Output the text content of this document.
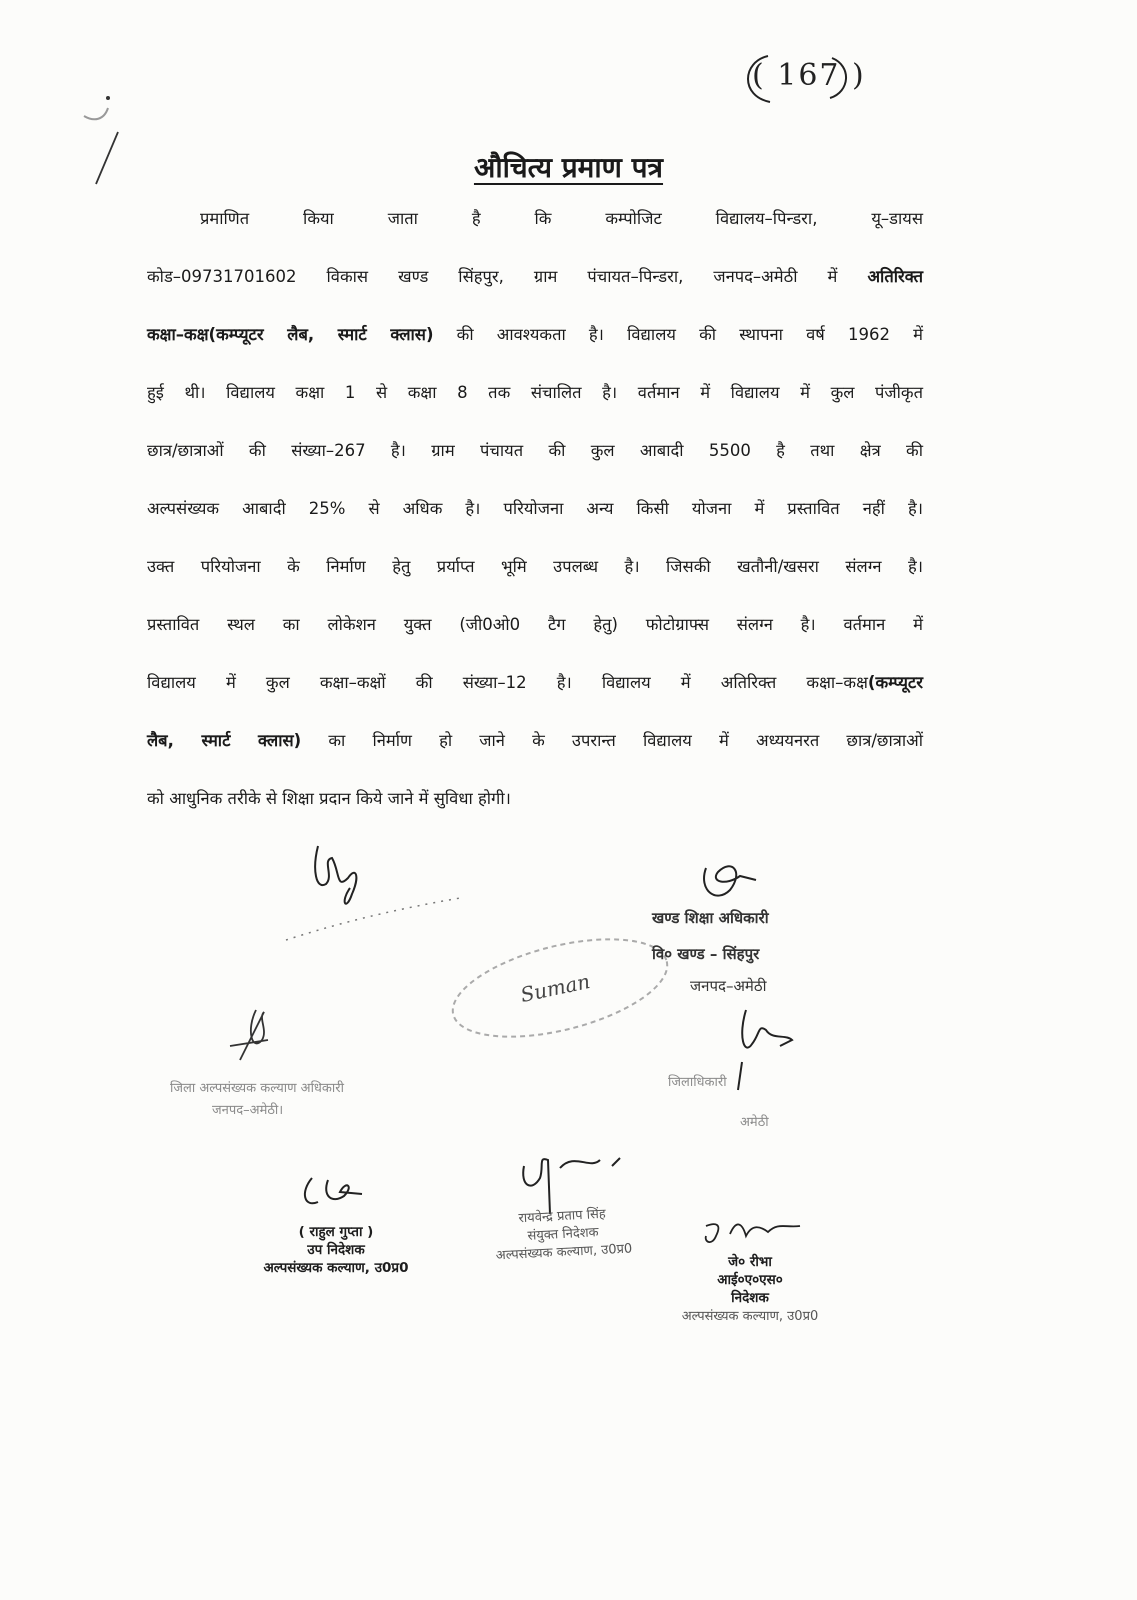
( 167 )
औचित्य प्रमाण पत्र
प्रमाणित किया जाता है कि कम्पोजिट विद्यालय–पिन्डरा, यू–डायस
कोड–09731701602 विकास खण्ड सिंहपुर, ग्राम पंचायत–पिन्डरा, जनपद–अमेठी में अतिरिक्त
कक्षा–कक्ष(कम्प्यूटर लैब, स्मार्ट क्लास) की आवश्यकता है। विद्यालय की स्थापना वर्ष 1962 में
हुई थी। विद्यालय कक्षा 1 से कक्षा 8 तक संचालित है। वर्तमान में विद्यालय में कुल पंजीकृत
छात्र/छात्राओं की संख्या–267 है। ग्राम पंचायत की कुल आबादी 5500 है तथा क्षेत्र की
अल्पसंख्यक आबादी 25% से अधिक है। परियोजना अन्य किसी योजना में प्रस्तावित नहीं है।
उक्त परियोजना के निर्माण हेतु प्रर्याप्त भूमि उपलब्ध है। जिसकी खतौनी/खसरा संलग्न है।
प्रस्तावित स्थल का लोकेशन युक्त (जी0ओ0 टैग हेतु) फोटोग्राफ्स संलग्न है। वर्तमान में
विद्यालय में कुल कक्षा–कक्षों की संख्या–12 है। विद्यालय में अतिरिक्त कक्षा–कक्ष(कम्प्यूटर
लैब, स्मार्ट क्लास) का निर्माण हो जाने के उपरान्त विद्यालय में अध्ययनरत छात्र/छात्राओं
को आधुनिक तरीके से शिक्षा प्रदान किये जाने में सुविधा होगी।
खण्ड शिक्षा अधिकारी
वि० खण्ड – सिंहपुर
जनपद–अमेठी
Suman
जिला अल्पसंख्यक कल्याण अधिकारी
जनपद–अमेठी।
जिलाधिकारी
अमेठी
( राहुल गुप्ता )
उप निदेशक
अल्पसंख्यक कल्याण, उ0प्र0
रायवेन्द्र प्रताप सिंह
संयुक्त निदेशक
अल्पसंख्यक कल्याण, उ0प्र0	जे० रीभा
आई०ए०एस०
निदेशक
अल्पसंख्यक कल्याण, उ0प्र0
